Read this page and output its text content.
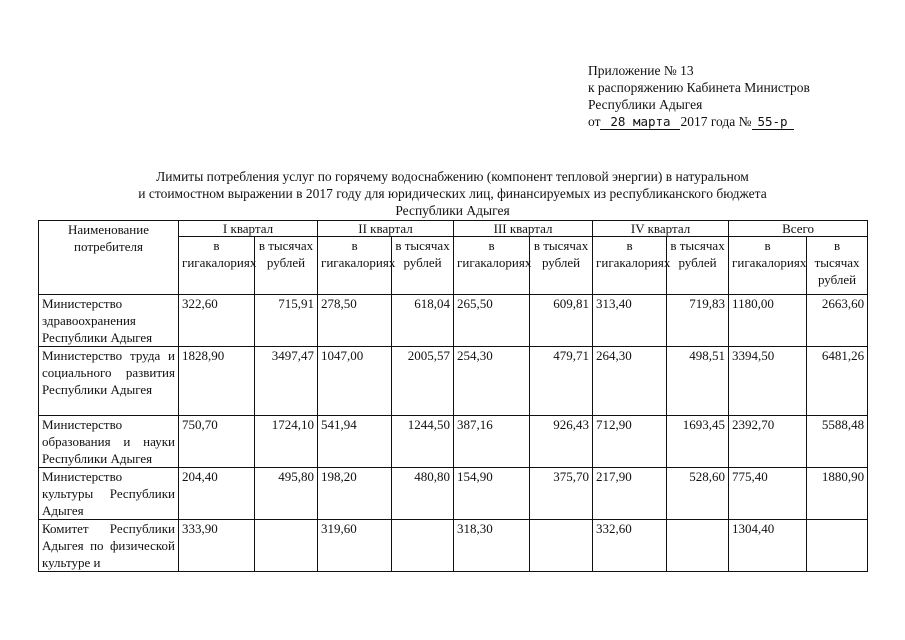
Приложение № 13
к распоряжению Кабинета Министров
Республики Адыгея
от 28 марта 2017 года № 55-р
Лимиты потребления услуг по горячему водоснабжению (компонент тепловой энергии) в натуральном
и стоимостном выражении в 2017 году для юридических лиц, финансируемых из республиканского бюджета
Республики Адыгея
Наименование потребителя	I квартал		II квартал		III квартал		IV квартал		Всего	
	в гигакалориях	в тысячах рублей	в гигакалориях	в тысячах рублей	в гигакалориях	в тысячах рублей	в гигакалориях	в тысячах рублей	в гигакалориях	в тысячах рублей
Министерство здравоохранения Республики Адыгея	322,60	715,91	278,50	618,04	265,50	609,81	313,40	719,83	1180,00	2663,60
Министерство труда и социального развития Республики Адыгея	1828,90	3497,47	1047,00	2005,57	254,30	479,71	264,30	498,51	3394,50	6481,26
Министерство образования и науки Республики Адыгея	750,70	1724,10	541,94	1244,50	387,16	926,43	712,90	1693,45	2392,70	5588,48
Министерство культуры Республики Адыгея	204,40	495,80	198,20	480,80	154,90	375,70	217,90	528,60	775,40	1880,90
Комитет Республики Адыгея по физической культуре и	333,90		319,60		318,30		332,60		1304,40	
